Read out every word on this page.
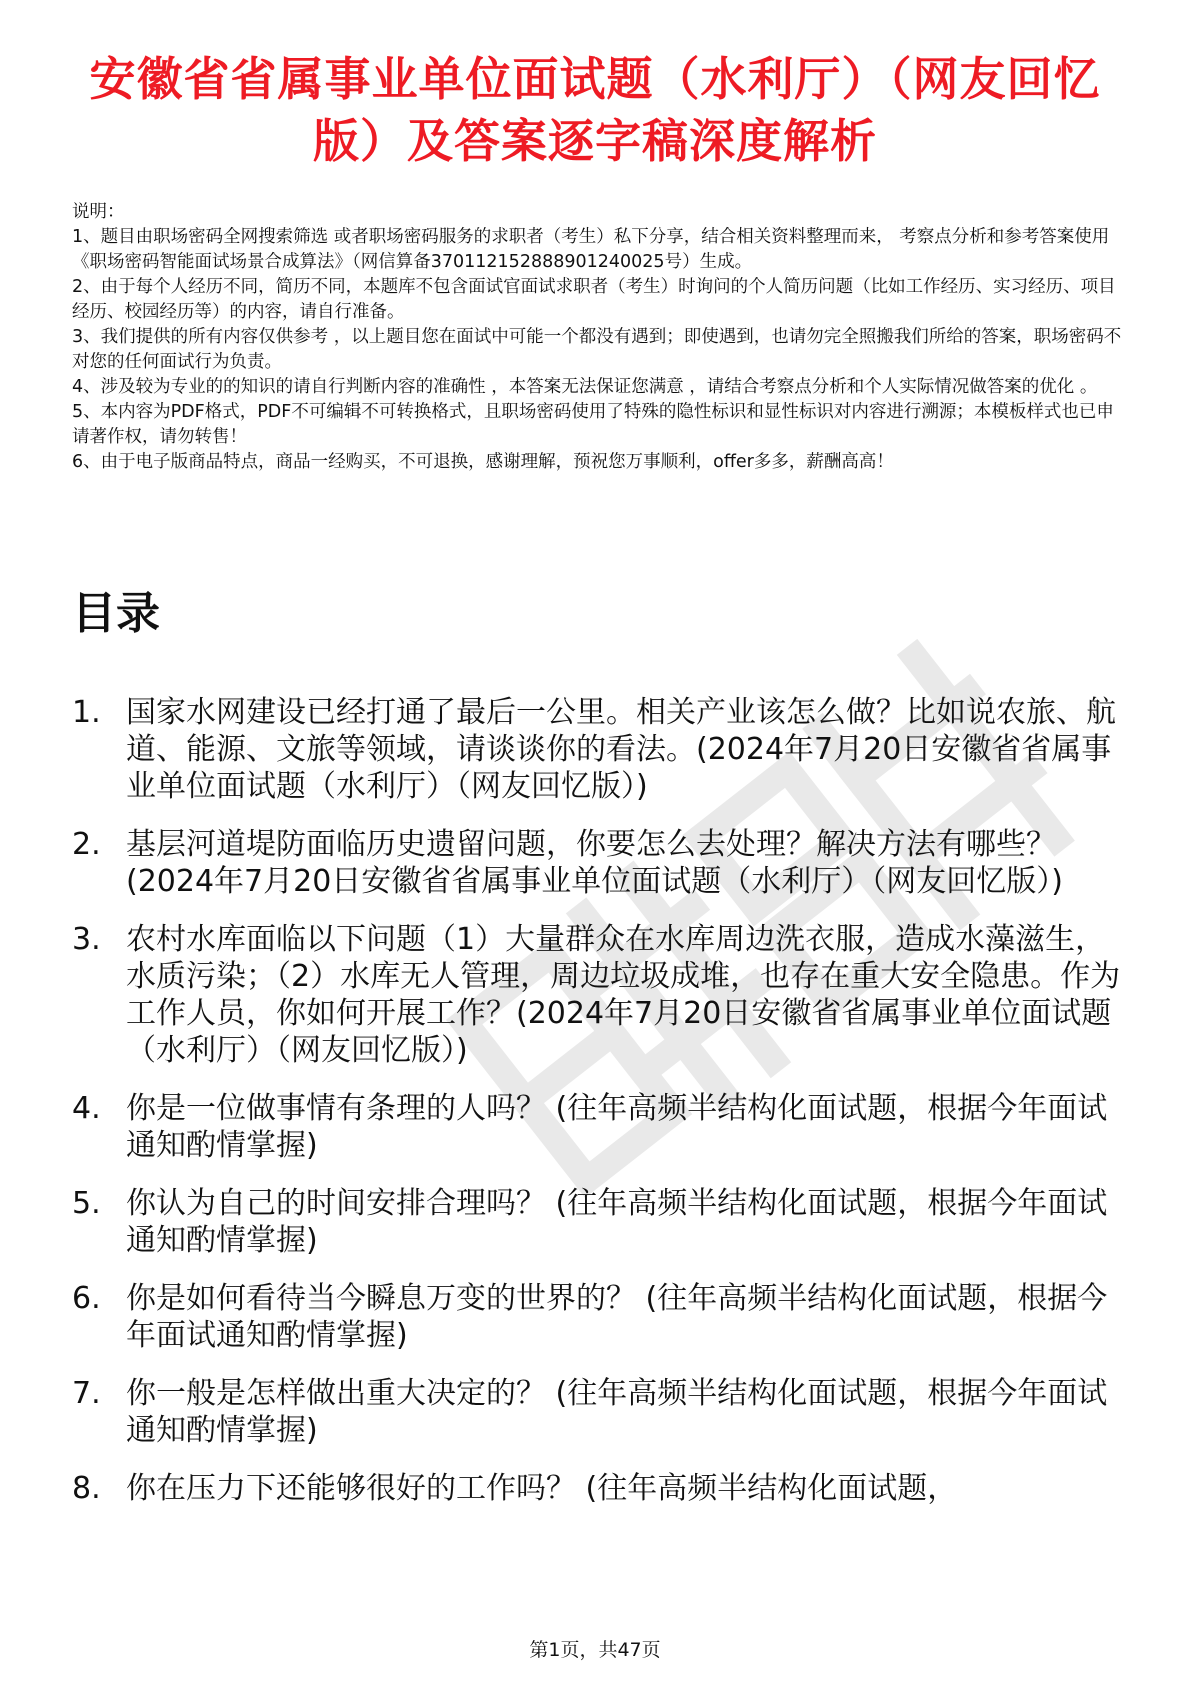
安徽省省属事业单位面试题（水利厅）（网友回忆版）及答案逐字稿深度解析

说明：

1、题目由职场密码全网搜索筛选 或者职场密码服务的求职者（考生）私下分享，结合相关资料整理而来， 考察点分析和参考答案使用《职场密码智能面试场景合成算法》（网信算备370112152888901240025号）生成。

2、由于每个人经历不同，简历不同，本题库不包含面试官面试求职者（考生）时询问的个人简历问题（比如工作经历、实习经历、项目经历、校园经历等）的内容，请自行准备。

3、我们提供的所有内容仅供参考 ，以上题目您在面试中可能一个都没有遇到；即使遇到，也请勿完全照搬我们所给的答案，职场密码不对您的任何面试行为负责。

4、涉及较为专业的的知识的请自行判断内容的准确性 ，本答案无法保证您满意 ，请结合考察点分析和个人实际情况做答案的优化 。

5、本内容为PDF格式，PDF不可编辑不可转换格式，且职场密码使用了特殊的隐性标识和显性标识对内容进行溯源；本模板样式也已申请著作权，请勿转售！

6、由于电子版商品特点，商品一经购买，不可退换，感谢理解，预祝您万事顺利，offer多多，薪酬高高！

目录
1. 国家水网建设已经打通了最后一公里。相关产业该怎么做？比如说农旅、航道、能源、文旅等领域，请谈谈你的看法。(2024年7月20日安徽省省属事业单位面试题（水利厅）（网友回忆版）)
2. 基层河道堤防面临历史遗留问题，你要怎么去处理？解决方法有哪些？(2024年7月20日安徽省省属事业单位面试题（水利厅）（网友回忆版）)
3. 农村水库面临以下问题（1）大量群众在水库周边洗衣服，造成水藻滋生，水质污染；（2）水库无人管理，周边垃圾成堆，也存在重大安全隐患。作为工作人员，你如何开展工作？(2024年7月20日安徽省省属事业单位面试题（水利厅）（网友回忆版）)
4. 你是一位做事情有条理的人吗？ (往年高频半结构化面试题，根据今年面试通知酌情掌握)
5. 你认为自己的时间安排合理吗？ (往年高频半结构化面试题，根据今年面试通知酌情掌握)
6. 你是如何看待当今瞬息万变的世界的？ (往年高频半结构化面试题，根据今年面试通知酌情掌握)
7. 你一般是怎样做出重大决定的？ (往年高频半结构化面试题，根据今年面试通知酌情掌握)
8. 你在压力下还能够很好的工作吗？ (往年高频半结构化面试题，
第1页，共47页
